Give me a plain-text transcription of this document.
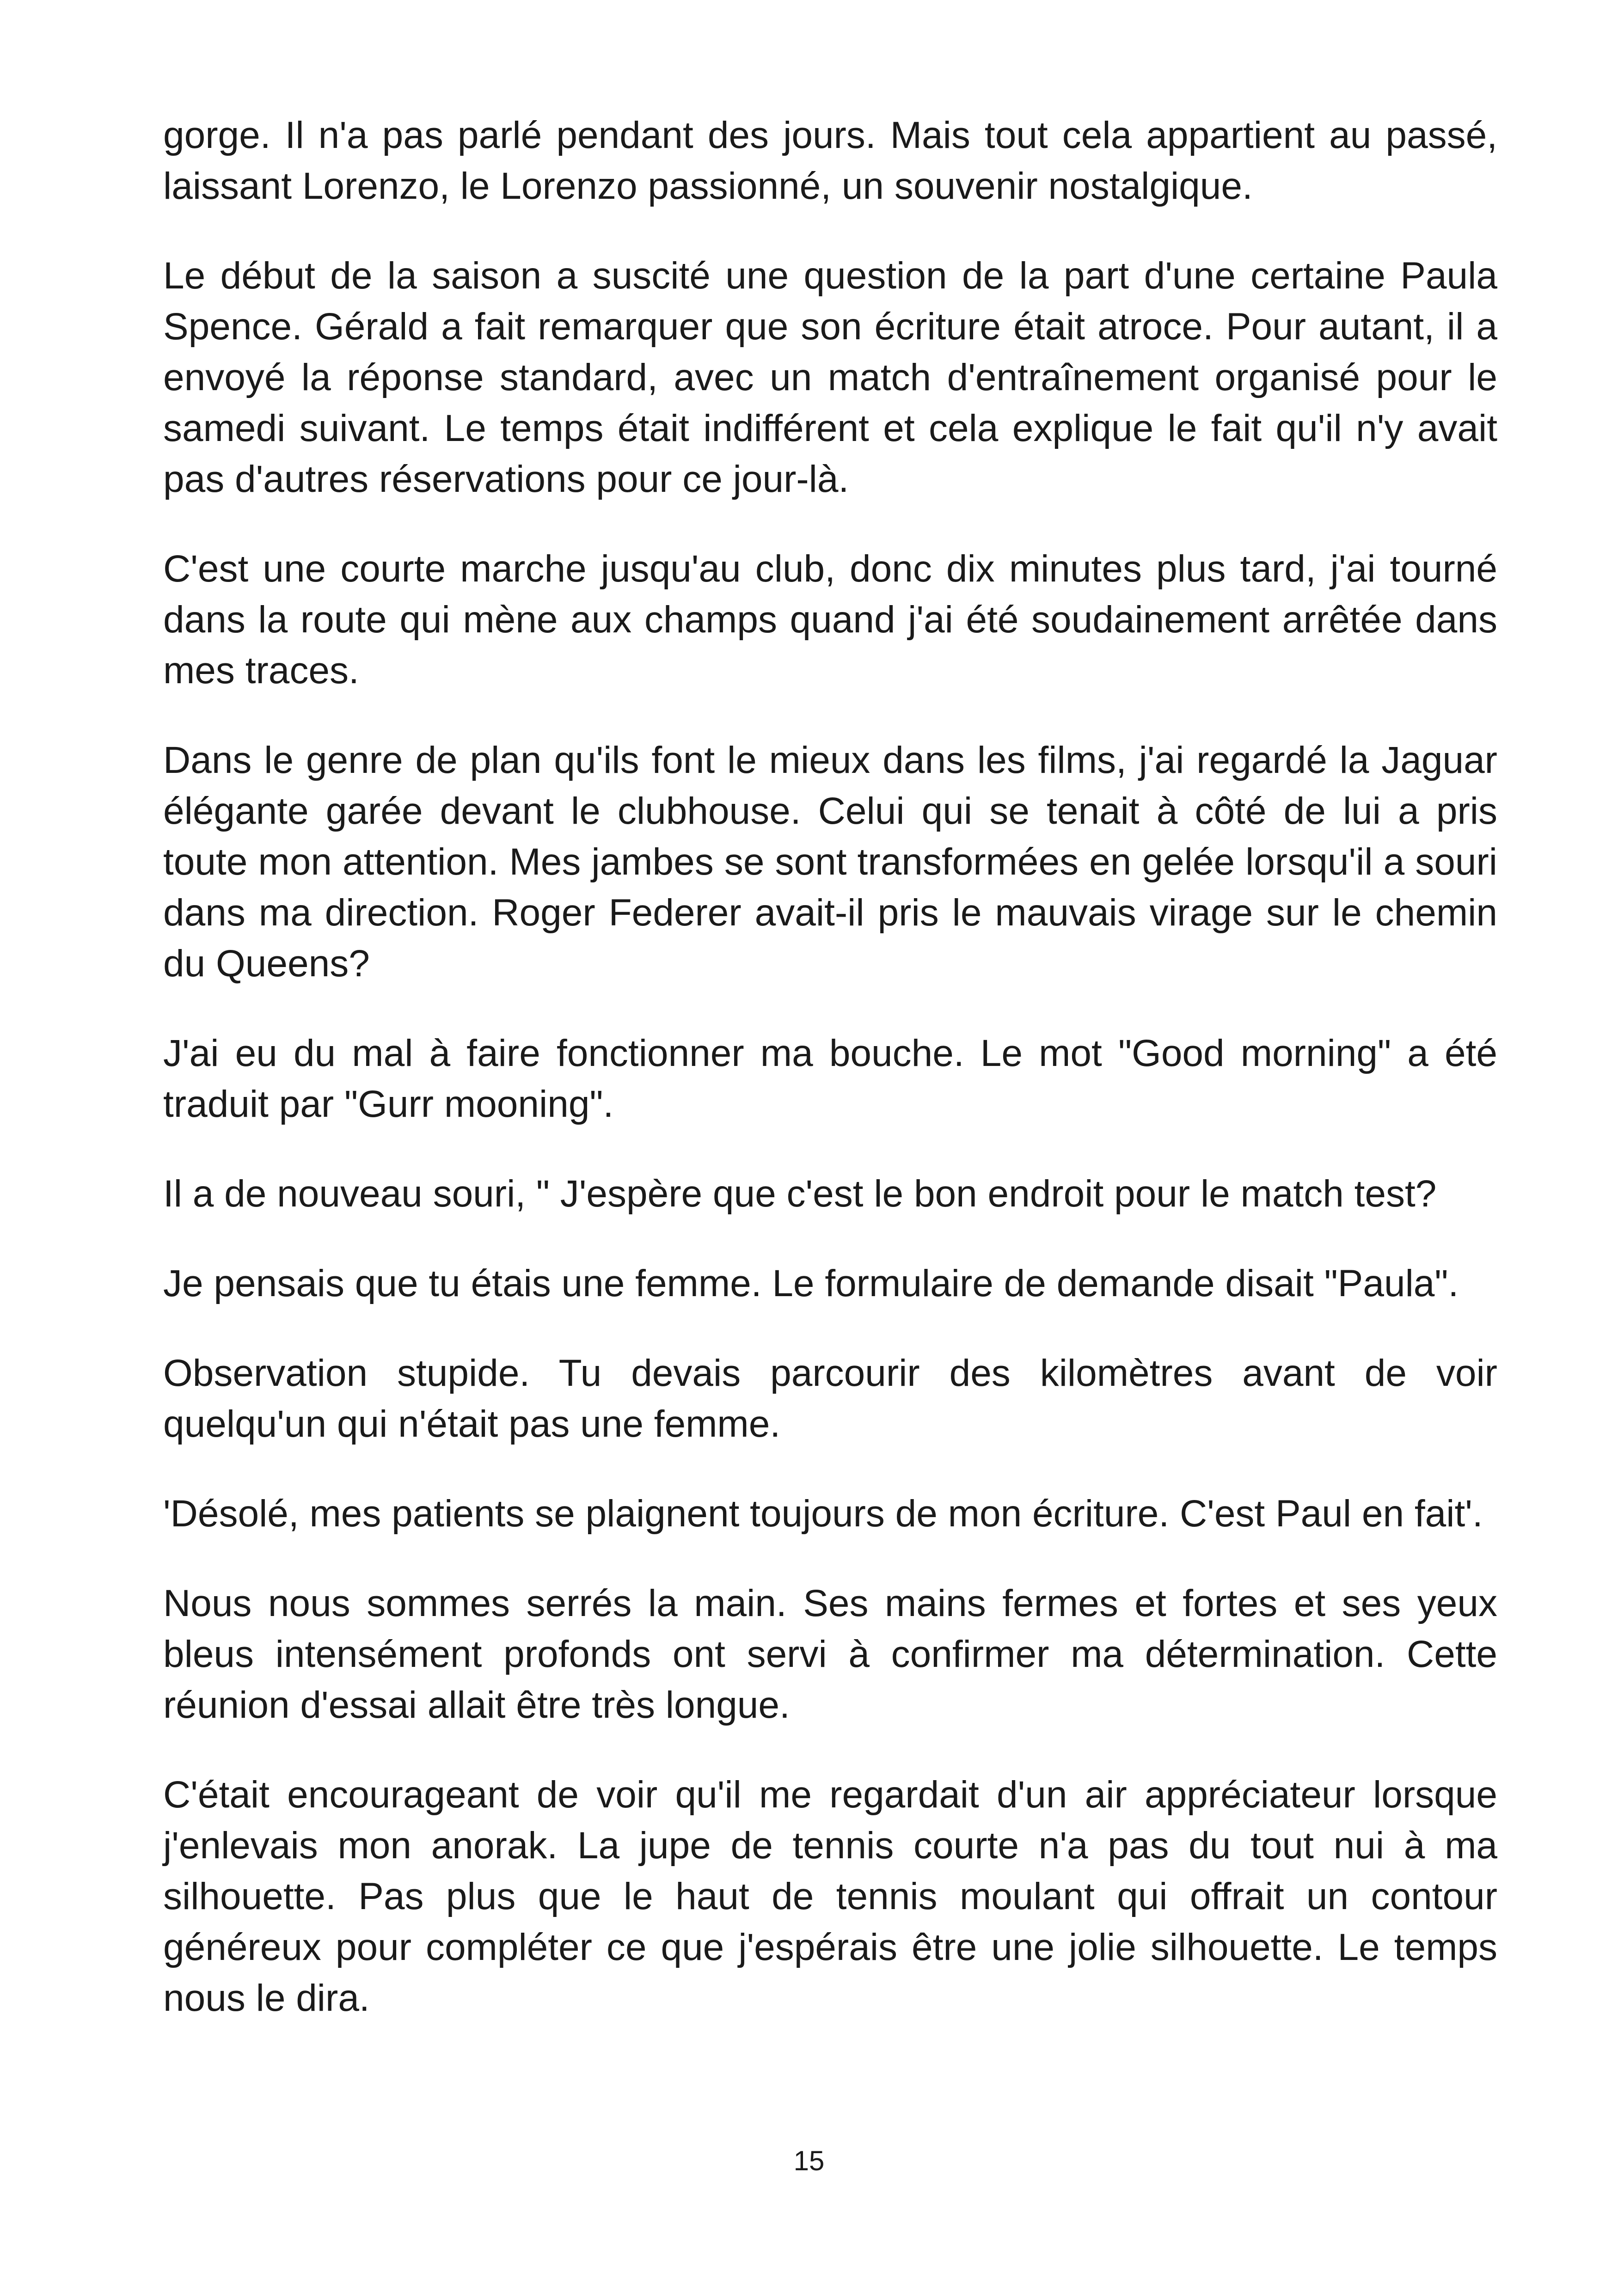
gorge. Il n'a pas parlé pendant des jours. Mais tout cela appartient au passé, laissant Lorenzo, le Lorenzo passionné, un souvenir nostalgique.

Le début de la saison a suscité une question de la part d'une certaine Paula Spence. Gérald a fait remarquer que son écriture était atroce. Pour autant, il a envoyé la réponse standard, avec un match d'entraînement organisé pour le samedi suivant. Le temps était indifférent et cela explique le fait qu'il n'y avait pas d'autres réservations pour ce jour-là.

C'est une courte marche jusqu'au club, donc dix minutes plus tard, j'ai tourné dans la route qui mène aux champs quand j'ai été soudainement arrêtée dans mes traces.

Dans le genre de plan qu'ils font le mieux dans les films, j'ai regardé la Jaguar élégante garée devant le clubhouse. Celui qui se tenait à côté de lui a pris toute mon attention. Mes jambes se sont transformées en gelée lorsqu'il a souri dans ma direction. Roger Federer avait-il pris le mauvais virage sur le chemin du Queens?

J'ai eu du mal à faire fonctionner ma bouche. Le mot "Good morning" a été traduit par "Gurr mooning".

Il a de nouveau souri, " J'espère que c'est le bon endroit pour le match test?

Je pensais que tu étais une femme. Le formulaire de demande disait "Paula".

Observation stupide. Tu devais parcourir des kilomètres avant de voir quelqu'un qui n'était pas une femme.

'Désolé, mes patients se plaignent toujours de mon écriture. C'est Paul en fait'.

Nous nous sommes serrés la main. Ses mains fermes et fortes et ses yeux bleus intensément profonds ont servi à confirmer ma détermination. Cette réunion d'essai allait être très longue.

C'était encourageant de voir qu'il me regardait d'un air appréciateur lorsque j'enlevais mon anorak. La jupe de tennis courte n'a pas du tout nui à ma silhouette. Pas plus que le haut de tennis moulant qui offrait un contour généreux pour compléter ce que j'espérais être une jolie silhouette. Le temps nous le dira.

15
